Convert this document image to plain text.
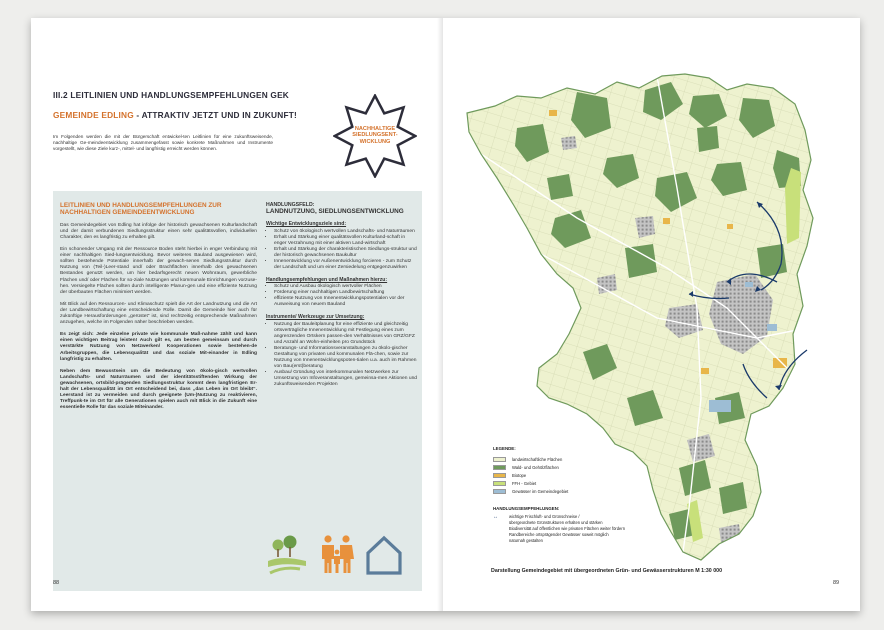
III.2 LEITLINIEN UND HANDLUNGSEMPFEHLUNGEN GEK
GEMEINDE EDLING - ATTRAKTIV JETZT UND IN ZUKUNFT!
Im Folgenden werden die mit der Bürgerschaft entwickel-ten Leitlinien für eine zukunftsweisende, nachhaltige Ge-meindeentwicklung zusammengefasst sowie konkrete Maßnahmen und Instrumente vorgestellt, wie diese Ziele kurz-, mittel- und langfristig erreicht werden können.
NACHHALTIGE
SIEDLUNGSENT-
WICKLUNG
LEITLINIEN UND HANDLUNGSEMPFEHLUNGEN ZUR NACHHALTIGEN GEMEINDEENTWICKLUNG
Das Gemeindegebiet von Edling hat infolge der historisch gewachsenen Kulturlandschaft und der damit verbundenen Siedlungsstruktur einen sehr qualitätsvollen, individuellen Charakter, den es langfristig zu erhalten gilt.
Ein schonender Umgang mit der Ressource Boden steht hierbei in enger Verbindung mit einer nachhaltigen Sied-lungsentwicklung. Bevor weiteres Bauland ausgewiesen wird, sollten bestehende Potentiale innerhalb der gewach-senen Siedlungsstruktur durch Nutzung von (Teil-)Leer-stand und/ oder Brachflächen innerhalb des gewachsenen Bestandes genutzt werden, um hier bedarfsgerecht neuen Wohnraum, gewerbliche Flächen und/ oder Flächen für so-ziale Nutzungen und kommunale Einrichtungen vorzuse-hen. Versiegelte Flächen sollten durch intelligente Planun-gen und eine effiziente Nutzung der überbauten Flächen minimiert werden.
Mit Blick auf den Ressourcen- und Klimaschutz spielt die Art der Landnutzung und die Art der Landbewirtschaftung eine entscheidende Rolle. Damit die Gemeinde hier auch für zukünftige Herausforderungen „gerüstet“ ist, sind rechtzeitig entsprechende Maßnahmen anzugehen, welche im Folgenden näher beschrieben werden.
Es zeigt sich: Jede einzelne private wie kommunale Maß-nahme zählt und kann einen wichtigen Beitrag leisten! Auch gilt es, am besten gemeinsam und durch verstärkte Nutzung von Netzwerken/ Kooperationen sowie bestehen-de Arbeitsgruppen, die Lebensqualität und das soziale Mit-einander in Edling langfristig zu erhalten.
Neben dem Bewusstsein um die Bedeutung von ökolo-gisch wertvollen Landschafts- und Naturräumen und der identitätsstiftenden Wirkung der gewachsenen, ortsbild-prägenden Siedlungsstruktur kommt dem langfristigen Er-halt der Lebensqualität im Ort entscheidend bei, dass „das Leben im Ort bleibt“. Leerstand ist zu vermeiden und durch geeignete (Um-)Nutzung zu reaktivieren, Treffpunk-te im Ort für alle Generationen spielen auch mit Blick in die Zukunft eine essentielle Rolle für das soziale Miteinander.
HANDLUNGSFELD:
LANDNUTZUNG, SIEDLUNGSENTWICKLUNG
Wichtige Entwicklungsziele sind:
• Schutz von ökologisch wertvollen Landschafts- und Naturräumen
• Erhalt und Stärkung einer qualitätsvollen Kulturland-schaft in enger Verzahnung mit einer aktiven Land-wirtschaft
• Erhalt und Stärkung der charakteristischen Siedlungs-struktur und der historisch gewachsenen Baukultur
• Innenentwicklung vor Außenentwicklung forcieren - zum Schutz der Landschaft und um einer Zersiedelung entgegenzuwirken
Handlungsempfehlungen und Maßnahmen hierzu:
• Schutz und Ausbau ökologisch wertvoller Flächen
• Förderung einer nachhaltigen Landbewirtschaftung
• effiziente Nutzung von Innenentwicklungspotentialen vor der Ausweisung von neuem Bauland
Instrumente/ Werkzeuge zur Umsetzung:
• Nutzung der Bauleitplanung für eine effiziente und gleichzeitig ortsverträgliche Innenentwicklung mit Festlegung eines zum angrenzenden Ortskern passen-den Verhältnisses von GRZ/GFZ und Anzahl an Wohn-einheiten pro Grundstück
• Beratungs- und Informationsveranstaltungen zu ökolo-gischer Gestaltung von privaten und kommunalen Flä-chen, sowie zur Nutzung von Innenentwicklungspoten-tialen u.a. auch im Rahmen von Bau(erst)beratung
• Ausbau/ Gründung von interkommunalen Netzwerken zur Umsetzung von Infoveranstaltungen, gemeinsa-men Aktionen und zukunftsweisenden Projekten
88
LEGENDE:
landwirtschaftliche Flächen
Wald- und Gehölzflächen
Biotope
FFH - Gebiet
Gewässer im Gemeindegebiet
HANDLUNGSEMPFEHLUNGEN:
↔	wichtige Frischluft- und Grünschneise /
übergeordnete Grünstrukturen erhalten und stärken
Biodiversität auf öffentlichen wie privaten Flächen weiter fördern
Randbereiche ortsprägender Gewässer soweit möglich
naturnah gestalten
Darstellung Gemeindegebiet mit übergeordneten Grün- und Gewässerstrukturen M 1:30 000
89
